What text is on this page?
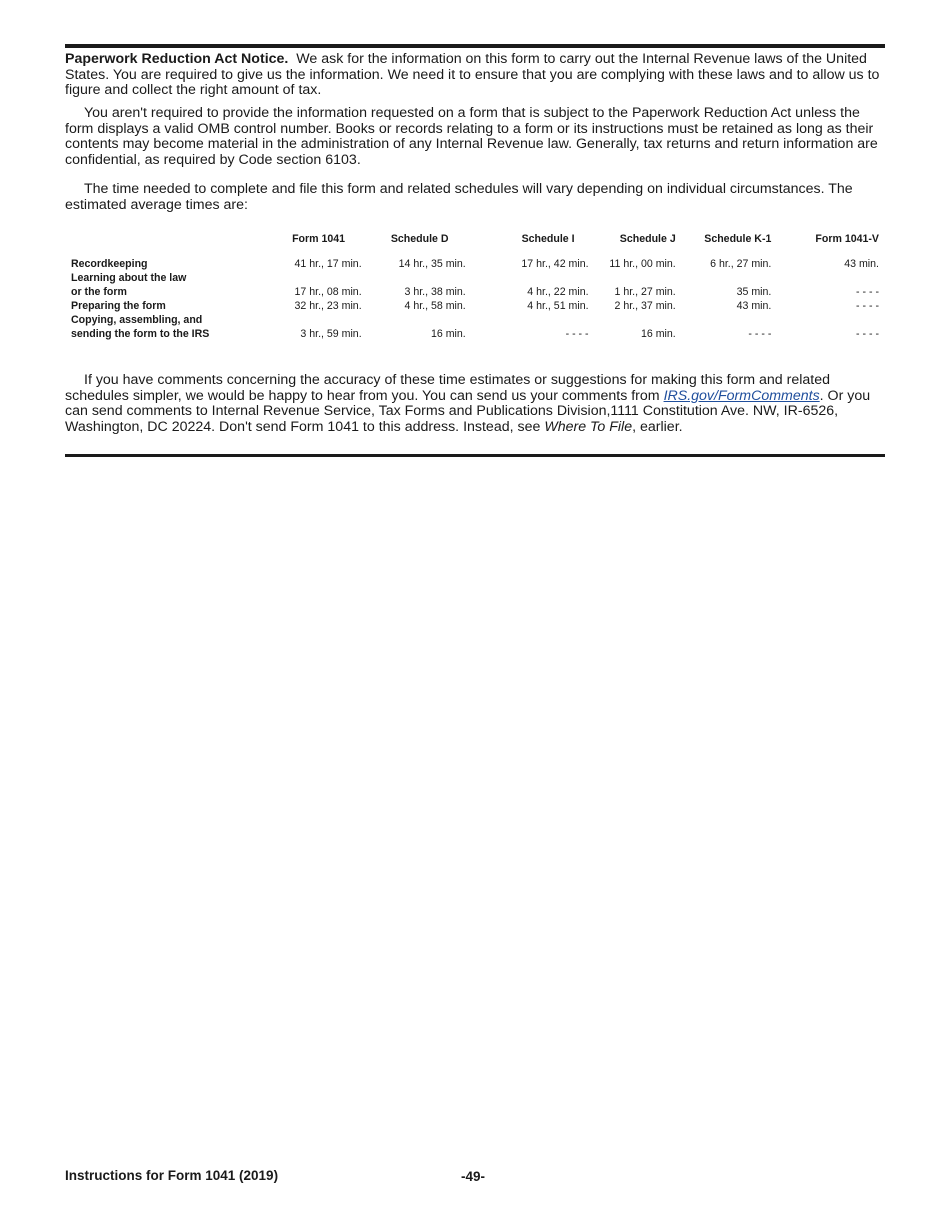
Paperwork Reduction Act Notice. We ask for the information on this form to carry out the Internal Revenue laws of the United States. You are required to give us the information. We need it to ensure that you are complying with these laws and to allow us to figure and collect the right amount of tax.

You aren't required to provide the information requested on a form that is subject to the Paperwork Reduction Act unless the form displays a valid OMB control number. Books or records relating to a form or its instructions must be retained as long as their contents may become material in the administration of any Internal Revenue law. Generally, tax returns and return information are confidential, as required by Code section 6103.

The time needed to complete and file this form and related schedules will vary depending on individual circumstances. The estimated average times are:

	Form 1041	Schedule D	Schedule I	Schedule J	Schedule K-1	Form 1041-V
Recordkeeping	41 hr., 17 min.	14 hr., 35 min.	17 hr., 42 min.	11 hr., 00 min.	6 hr., 27 min.	43 min.
Learning about the law						
or the form	17 hr., 08 min.	3 hr., 38 min.	4 hr., 22 min.	1 hr., 27 min.	35 min.	- - - -
Preparing the form	32 hr., 23 min.	4 hr., 58 min.	4 hr., 51 min.	2 hr., 37 min.	43 min.	- - - -
Copying, assembling, and						
sending the form to the IRS	3 hr., 59 min.	16 min.	- - - -	16 min.	- - - -	- - - -

If you have comments concerning the accuracy of these time estimates or suggestions for making this form and related schedules simpler, we would be happy to hear from you. You can send us your comments from IRS.gov/FormComments. Or you can send comments to Internal Revenue Service, Tax Forms and Publications Division,1111 Constitution Ave. NW, IR-6526, Washington, DC 20224. Don't send Form 1041 to this address. Instead, see Where To File, earlier.

Instructions for Form 1041 (2019)	-49-
